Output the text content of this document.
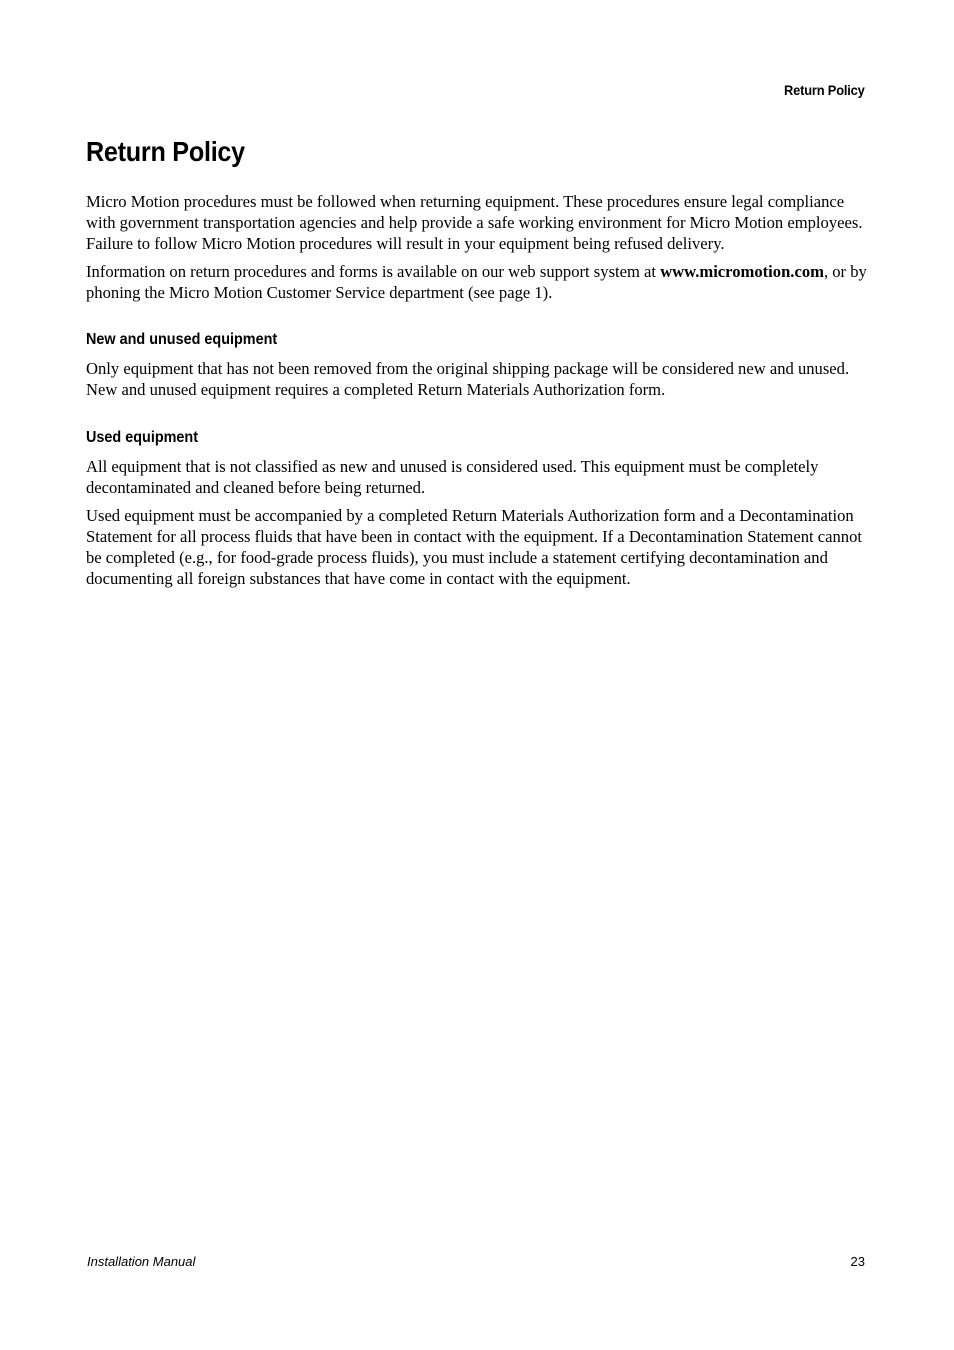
Return Policy
Return Policy

Micro Motion procedures must be followed when returning equipment. These procedures ensure legal compliance with government transportation agencies and help provide a safe working environment for Micro Motion employees. Failure to follow Micro Motion procedures will result in your equipment being refused delivery.

Information on return procedures and forms is available on our web support system at www.micromotion.com, or by phoning the Micro Motion Customer Service department (see page 1).

New and unused equipment

Only equipment that has not been removed from the original shipping package will be considered new and unused. New and unused equipment requires a completed Return Materials Authorization form.

Used equipment

All equipment that is not classified as new and unused is considered used. This equipment must be completely decontaminated and cleaned before being returned.

Used equipment must be accompanied by a completed Return Materials Authorization form and a Decontamination Statement for all process fluids that have been in contact with the equipment. If a Decontamination Statement cannot be completed (e.g., for food-grade process fluids), you must include a statement certifying decontamination and documenting all foreign substances that have come in contact with the equipment.

Installation Manual	23
